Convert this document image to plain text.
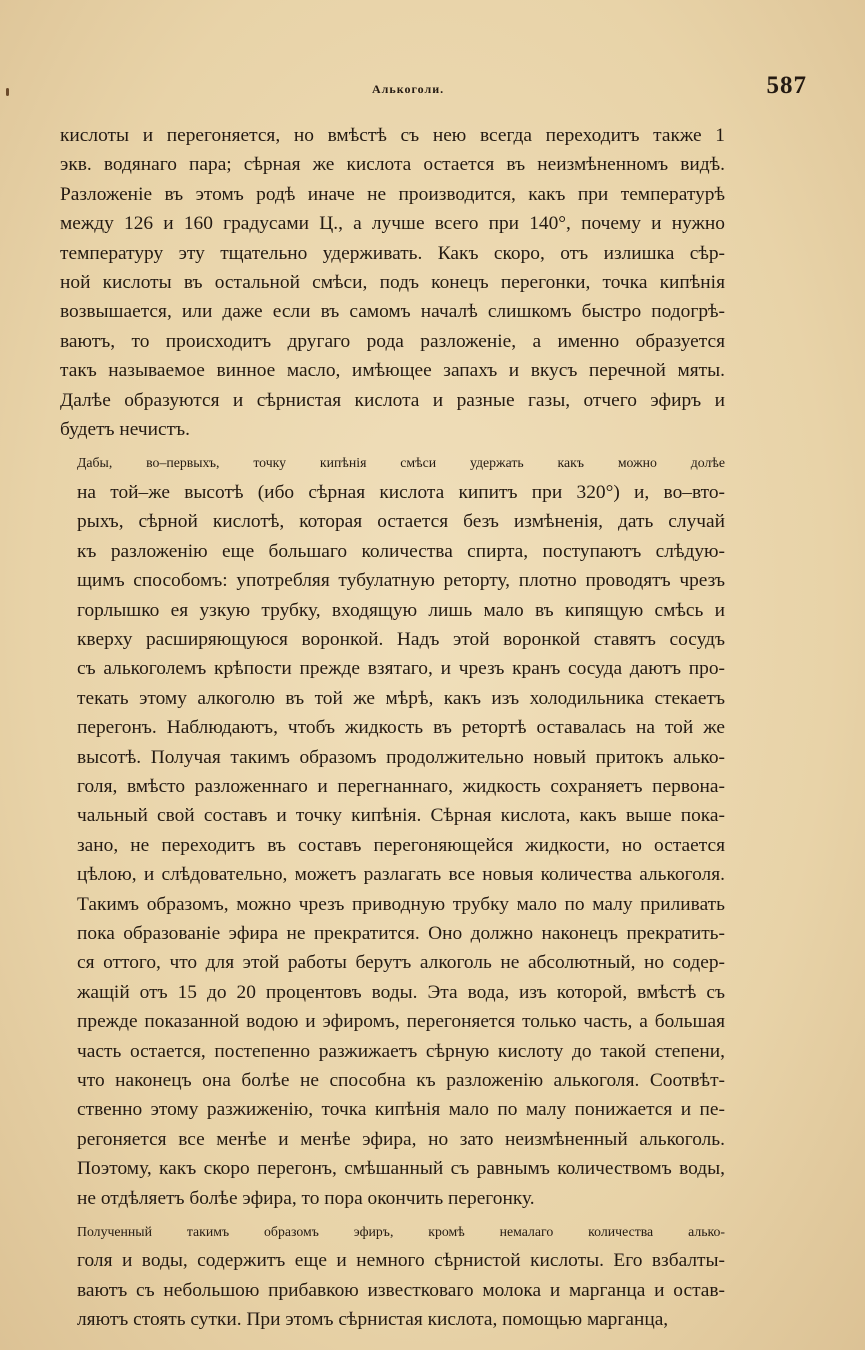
Алькоголи.	587
кислоты и перегоняется, но вмѣстѣ съ нею всегда переходитъ также 1
экв. водянаго пара; сѣрная же кислота остается въ неизмѣненномъ видѣ.
Разложеніе въ этомъ родѣ иначе не производится, какъ при температурѣ
между 126 и 160 градусами Ц., а лучше всего при 140°, почему и нужно
температуру эту тщательно удерживать. Какъ скоро, отъ излишка сѣр-
ной кислоты въ остальной смѣси, подъ конецъ перегонки, точка кипѣнія
возвышается, или даже если въ самомъ началѣ слишкомъ быстро подогрѣ-
ваютъ, то происходитъ другаго рода разложеніе, а именно образуется
такъ называемое винное масло, имѣющее запахъ и вкусъ перечной мяты.
Далѣе образуются и сѣрнистая кислота и разные газы, отчего эфиръ и
будетъ нечистъ.
Дабы, во–первыхъ, точку кипѣнія смѣси удержать какъ можно долѣе
на той–же высотѣ (ибо сѣрная кислота кипитъ при 320°) и, во–вто-
рыхъ, сѣрной кислотѣ, которая остается безъ измѣненія, дать случай
къ разложенію еще большаго количества спирта, поступаютъ слѣдую-
щимъ способомъ: употребляя тубулатную реторту, плотно проводятъ чрезъ
горлышко ея узкую трубку, входящую лишь мало въ кипящую смѣсь и
кверху расширяющуюся воронкой. Надъ этой воронкой ставятъ сосудъ
съ алькоголемъ крѣпости прежде взятаго, и чрезъ кранъ сосуда даютъ про-
текать этому алкоголю въ той же мѣрѣ, какъ изъ холодильника стекаетъ
перегонъ. Наблюдаютъ, чтобъ жидкость въ ретортѣ оставалась на той же
высотѣ. Получая такимъ образомъ продолжительно новый притокъ алько-
голя, вмѣсто разложеннаго и перегнаннаго, жидкость сохраняетъ первона-
чальный свой составъ и точку кипѣнія. Сѣрная кислота, какъ выше пока-
зано, не переходитъ въ составъ перегоняющейся жидкости, но остается
цѣлою, и слѣдовательно, можетъ разлагать все новыя количества алькоголя.
Такимъ образомъ, можно чрезъ приводную трубку мало по малу приливать
пока образованіе эфира не прекратится. Оно должно наконецъ прекратить-
ся оттого, что для этой работы берутъ алкоголь не абсолютный, но содер-
жащій отъ 15 до 20 процентовъ воды. Эта вода, изъ которой, вмѣстѣ съ
прежде показанной водою и эфиромъ, перегоняется только часть, а большая
часть остается, постепенно разжижаетъ сѣрную кислоту до такой степени,
что наконецъ она болѣе не способна къ разложенію алькоголя. Соотвѣт-
ственно этому разжиженію, точка кипѣнія мало по малу понижается и пе-
регоняется все менѣе и менѣе эфира, но зато неизмѣненный алькоголь.
Поэтому, какъ скоро перегонъ, смѣшанный съ равнымъ количествомъ воды,
не отдѣляетъ болѣе эфира, то пора окончить перегонку.
Полученный такимъ образомъ эфиръ, кромѣ немалаго количества алько-
голя и воды, содержитъ еще и немного сѣрнистой кислоты. Его взбалты-
ваютъ съ небольшою прибавкою известковаго молока и марганца и остав-
ляютъ стоять сутки. При этомъ сѣрнистая кислота, помощью марганца,
